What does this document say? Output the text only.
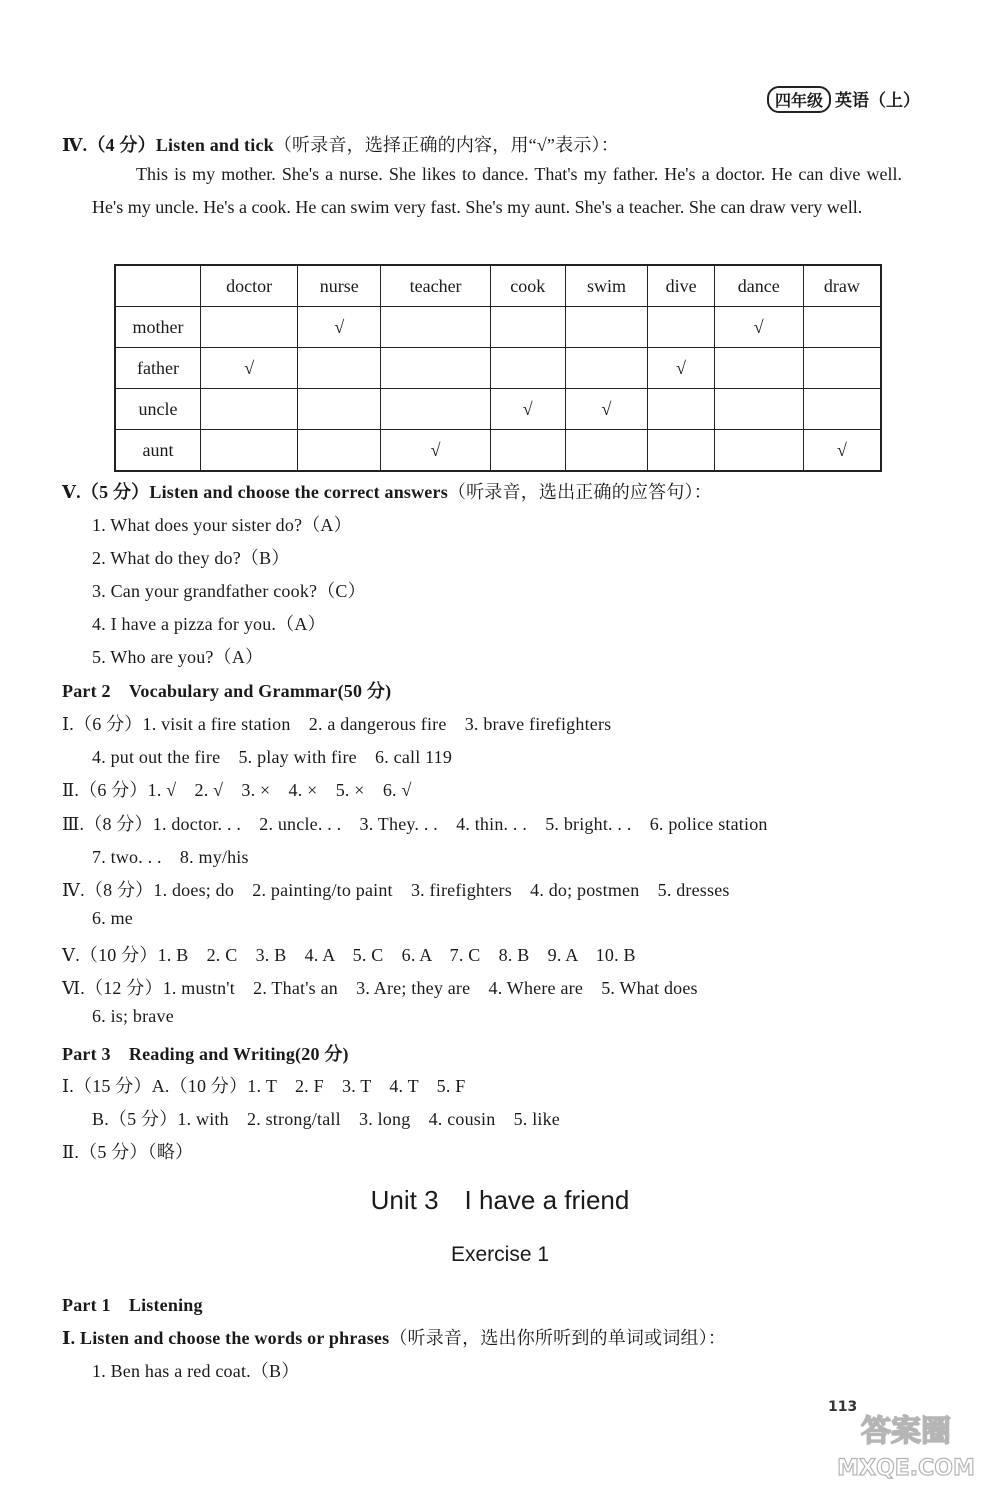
四年级 英语（上）
Ⅳ.（4 分）Listen and tick（听录音，选择正确的内容，用“√”表示）：
This is my mother. She's a nurse. She likes to dance. That's my father. He's a doctor. He can dive well. He's my uncle. He's a cook. He can swim very fast. She's my aunt. She's a teacher. She can draw very well.
	doctor	nurse	teacher	cook	swim	dive	dance	draw
mother		√					√	
father	√					√		
uncle				√	√			
aunt			√					√
Ⅴ.（5 分）Listen and choose the correct answers（听录音，选出正确的应答句）：
1. What does your sister do?（A）
2. What do they do?（B）
3. Can your grandfather cook?（C）
4. I have a pizza for you.（A）
5. Who are you?（A）
Part 2　Vocabulary and Grammar(50 分)
Ⅰ.（6 分）1. visit a fire station　2. a dangerous fire　3. brave firefighters
4. put out the fire　5. play with fire　6. call 119
Ⅱ.（6 分）1. √　2. √　3. ×　4. ×　5. ×　6. √
Ⅲ.（8 分）1. doctor. . .　2. uncle. . .　3. They. . .　4. thin. . .　5. bright. . .　6. police station
7. two. . .　8. my/his
Ⅳ.（8 分）1. does; do　2. painting/to paint　3. firefighters　4. do; postmen　5. dresses
6. me
Ⅴ.（10 分）1. B　2. C　3. B　4. A　5. C　6. A　7. C　8. B　9. A　10. B
Ⅵ.（12 分）1. mustn't　2. That's an　3. Are; they are　4. Where are　5. What does
6. is; brave
Part 3　Reading and Writing(20 分)
Ⅰ.（15 分）A.（10 分）1. T　2. F　3. T　4. T　5. F
B.（5 分）1. with　2. strong/tall　3. long　4. cousin　5. like
Ⅱ.（5 分）（略）
Unit 3　I have a friend
Exercise 1
Part 1　Listening
Ⅰ. Listen and choose the words or phrases（听录音，选出你所听到的单词或词组）：
1. Ben has a red coat.（B）
113
答案圈
MXQE.COM
